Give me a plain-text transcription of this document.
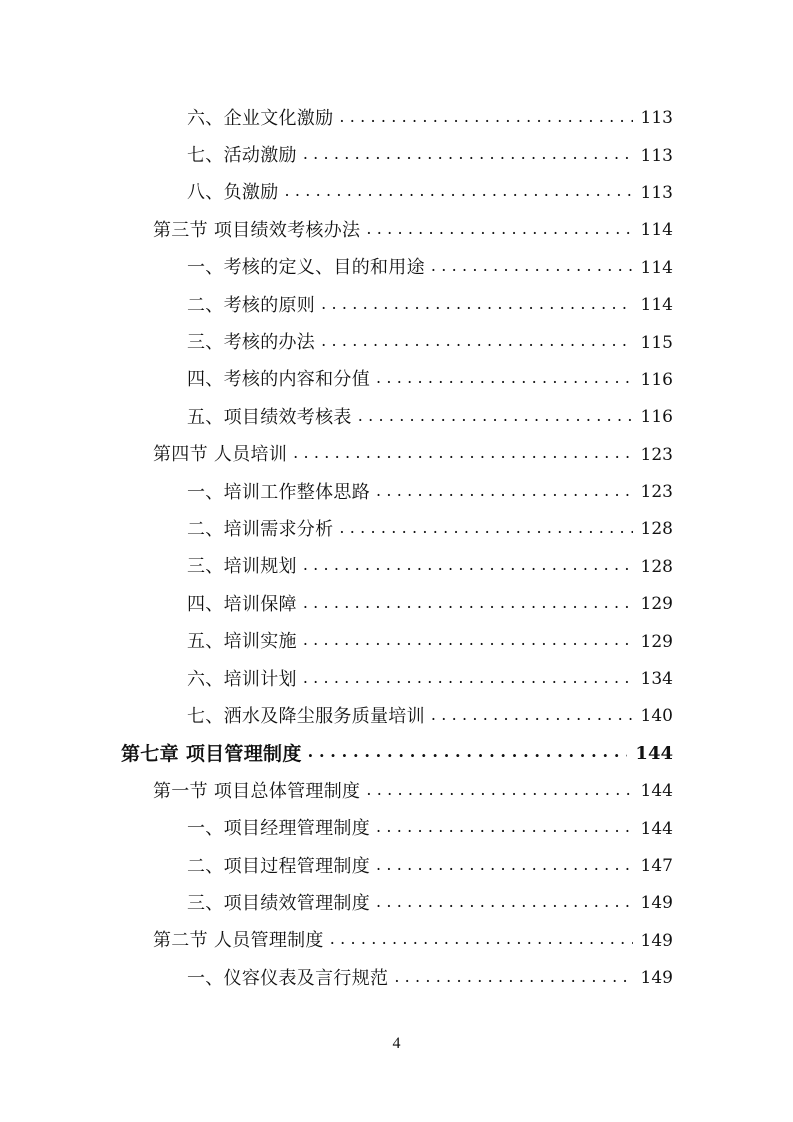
六、企业文化激励 . . .	113
七、活动激励 . . .	113
八、负激励 . . .	113
第三节 项目绩效考核办法 . . .	114
一、考核的定义、目的和用途 . . .	114
二、考核的原则 . . .	114
三、考核的办法 . . .	115
四、考核的内容和分值 . . .	116
五、项目绩效考核表 . . .	116
第四节 人员培训 . . .	123
一、培训工作整体思路 . . .	123
二、培训需求分析 . . .	128
三、培训规划 . . .	128
四、培训保障 . . .	129
五、培训实施 . . .	129
六、培训计划 . . .	134
七、洒水及降尘服务质量培训 . . .	140
第七章 项目管理制度 . . .	144
第一节 项目总体管理制度 . . .	144
一、项目经理管理制度 . . .	144
二、项目过程管理制度 . . .	147
三、项目绩效管理制度 . . .	149
第二节 人员管理制度 . . .	149
一、仪容仪表及言行规范 . . .	149
4
